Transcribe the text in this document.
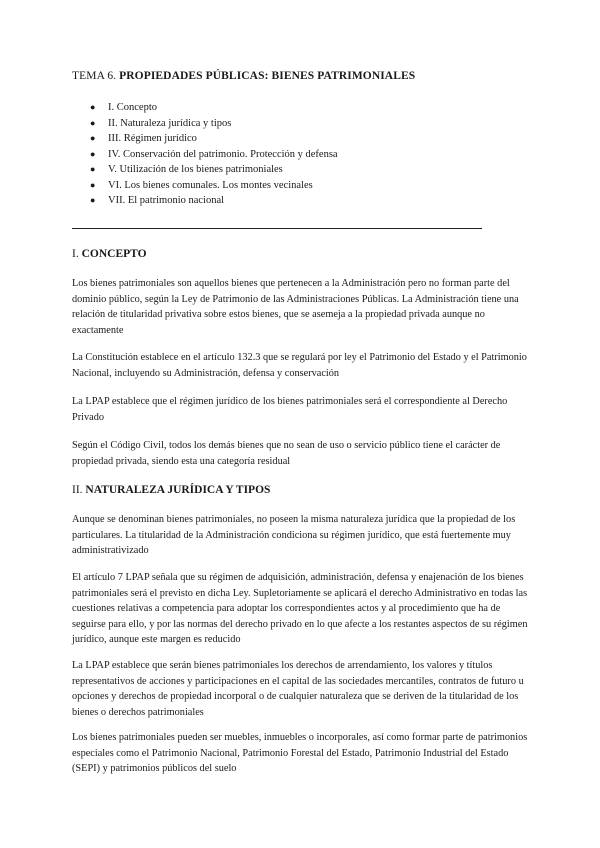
TEMA 6. PROPIEDADES PÚBLICAS: BIENES PATRIMONIALES
● I. Concepto
● II. Naturaleza jurídica y tipos
● III. Régimen jurídico
● IV. Conservación del patrimonio. Protección y defensa
● V. Utilización de los bienes patrimoniales
● VI. Los bienes comunales. Los montes vecinales
● VII. El patrimonio nacional
I. CONCEPTO

Los bienes patrimoniales son aquellos bienes que pertenecen a la Administración pero no forman parte del dominio público, según la Ley de Patrimonio de las Administraciones Públicas. La Administración tiene una relación de titularidad privativa sobre estos bienes, que se asemeja a la propiedad privada aunque no exactamente

La Constitución establece en el artículo 132.3 que se regulará por ley el Patrimonio del Estado y el Patrimonio Nacional, incluyendo su Administración, defensa y conservación

La LPAP establece que el régimen jurídico de los bienes patrimoniales será el correspondiente al Derecho Privado

Según el Código Civil, todos los demás bienes que no sean de uso o servicio público tiene el carácter de propiedad privada, siendo esta una categoría residual

II. NATURALEZA JURÍDICA Y TIPOS

Aunque se denominan bienes patrimoniales, no poseen la misma naturaleza jurídica que la propiedad de los particulares. La titularidad de la Administración condiciona su régimen jurídico, que está fuertemente muy administrativizado

El artículo 7 LPAP señala que su régimen de adquisición, administración, defensa y enajenación de los bienes patrimoniales será el previsto en dicha Ley. Supletoriamente se aplicará el derecho Administrativo en todas las cuestiones relativas a competencia para adoptar los correspondientes actos y al procedimiento que ha de seguirse para ello, y por las normas del derecho privado en lo que afecte a los restantes aspectos de su régimen jurídico, aunque este margen es reducido

La LPAP establece que serán bienes patrimoniales los derechos de arrendamiento, los valores y títulos representativos de acciones y participaciones en el capital de las sociedades mercantiles, contratos de futuro u opciones y derechos de propiedad incorporal o de cualquier naturaleza que se deriven de la titularidad de los bienes o derechos patrimoniales

Los bienes patrimoniales pueden ser muebles, inmuebles o incorporales, así como formar parte de patrimonios especiales como el Patrimonio Nacional, Patrimonio Forestal del Estado, Patrimonio Industrial del Estado (SEPI) y patrimonios públicos del suelo
